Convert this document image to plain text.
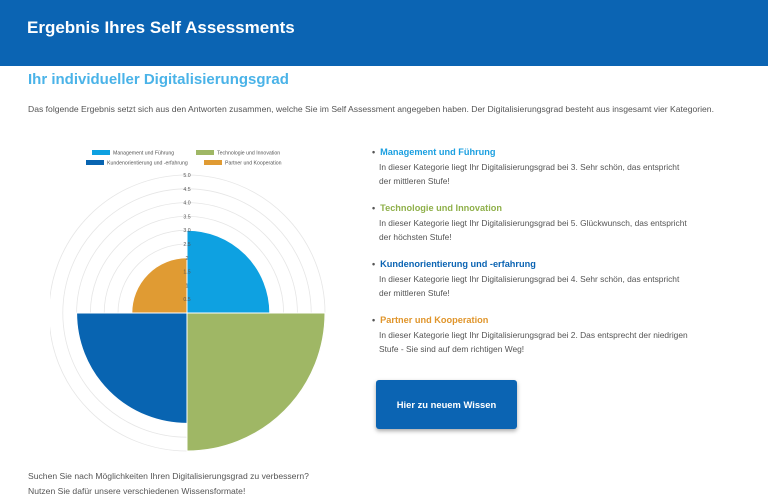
Ergebnis Ihres Self Assessments
Ihr individueller Digitalisierungsgrad
Das folgende Ergebnis setzt sich aus den Antworten zusammen, welche Sie im Self Assessment angegeben haben. Der Digitalisierungsgrad besteht aus insgesamt vier Kategorien.
Management und Führung	Technologie und Innovation
Kundenorientierung und -erfahrung	Partner und Kooperation
0.5
1
1.5
2
2.5
3.0
3.5
4.0
4.5
5.0
• Management und Führung
In dieser Kategorie liegt Ihr Digitalisierungsgrad bei 3. Sehr schön, das entspricht der mittleren Stufe!
• Technologie und Innovation
In dieser Kategorie liegt Ihr Digitalisierungsgrad bei 5. Glückwunsch, das entspricht der höchsten Stufe!
• Kundenorientierung und -erfahrung
In dieser Kategorie liegt Ihr Digitalisierungsgrad bei 4. Sehr schön, das entspricht der mittleren Stufe!
• Partner und Kooperation
In dieser Kategorie liegt Ihr Digitalisierungsgrad bei 2. Das entsprecht der niedrigen Stufe - Sie sind auf dem richtigen Weg!
Hier zu neuem Wissen
Suchen Sie nach Möglichkeiten Ihren Digitalisierungsgrad zu verbessern?
Nutzen Sie dafür unsere verschiedenen Wissensformate!
